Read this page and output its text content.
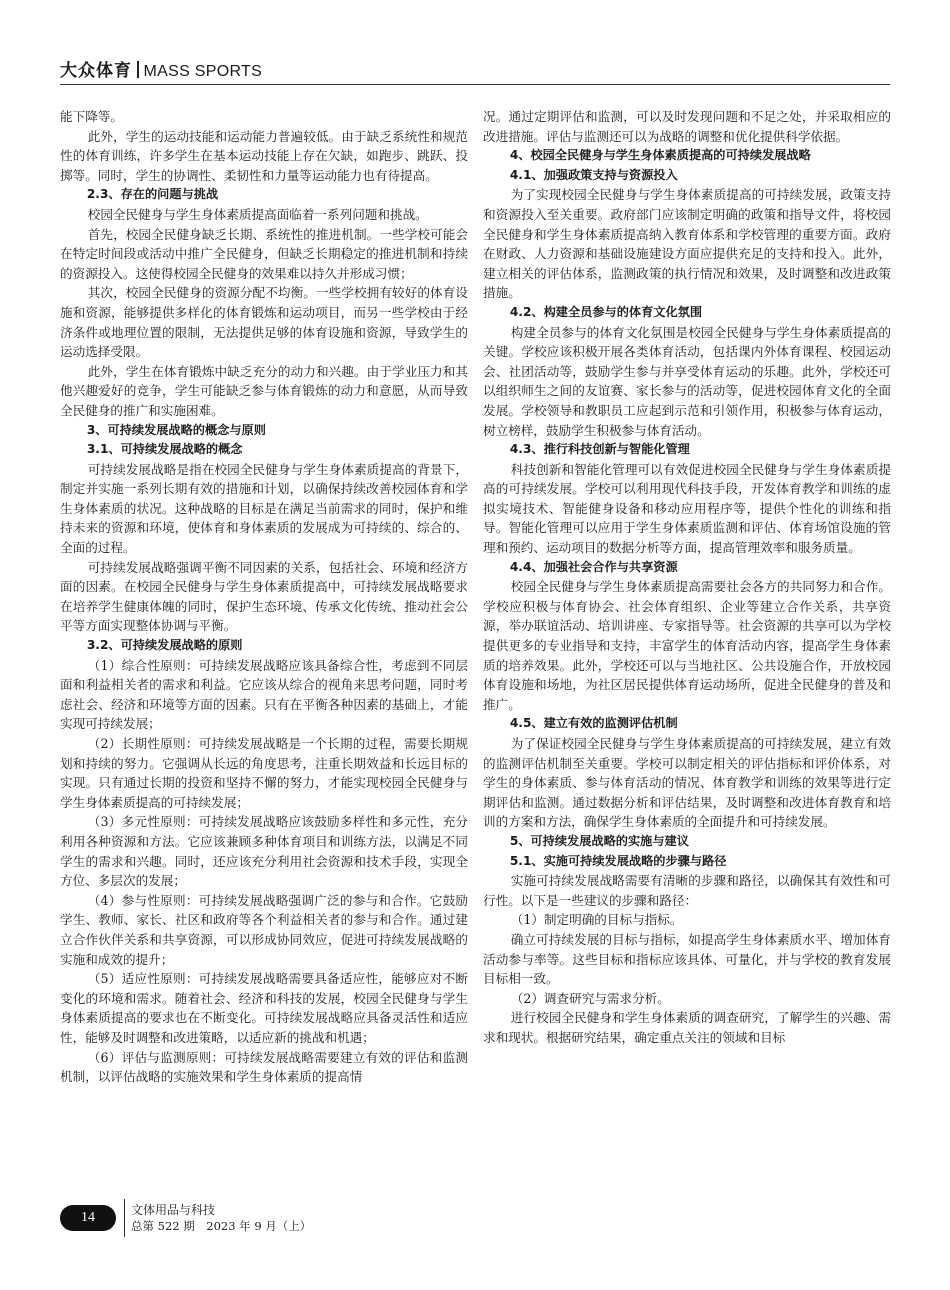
大众体育 MASS SPORTS

能下降等。

此外，学生的运动技能和运动能力普遍较低。由于缺乏系统性和规范性的体育训练，许多学生在基本运动技能上存在欠缺，如跑步、跳跃、投掷等。同时，学生的协调性、柔韧性和力量等运动能力也有待提高。

2.3、存在的问题与挑战

校园全民健身与学生身体素质提高面临着一系列问题和挑战。

首先，校园全民健身缺乏长期、系统性的推进机制。一些学校可能会在特定时间段或活动中推广全民健身，但缺乏长期稳定的推进机制和持续的资源投入。这使得校园全民健身的效果难以持久并形成习惯；

其次，校园全民健身的资源分配不均衡。一些学校拥有较好的体育设施和资源，能够提供多样化的体育锻炼和运动项目，而另一些学校由于经济条件或地理位置的限制，无法提供足够的体育设施和资源，导致学生的运动选择受限。

此外，学生在体育锻炼中缺乏充分的动力和兴趣。由于学业压力和其他兴趣爱好的竞争，学生可能缺乏参与体育锻炼的动力和意愿，从而导致全民健身的推广和实施困难。

3、可持续发展战略的概念与原则

3.1、可持续发展战略的概念

可持续发展战略是指在校园全民健身与学生身体素质提高的背景下，制定并实施一系列长期有效的措施和计划，以确保持续改善校园体育和学生身体素质的状况。这种战略的目标是在满足当前需求的同时，保护和维持未来的资源和环境，使体育和身体素质的发展成为可持续的、综合的、全面的过程。

可持续发展战略强调平衡不同因素的关系，包括社会、环境和经济方面的因素。在校园全民健身与学生身体素质提高中，可持续发展战略要求在培养学生健康体魄的同时，保护生态环境、传承文化传统、推动社会公平等方面实现整体协调与平衡。

3.2、可持续发展战略的原则

（1）综合性原则：可持续发展战略应该具备综合性，考虑到不同层面和利益相关者的需求和利益。它应该从综合的视角来思考问题，同时考虑社会、经济和环境等方面的因素。只有在平衡各种因素的基础上，才能实现可持续发展；

（2）长期性原则：可持续发展战略是一个长期的过程，需要长期规划和持续的努力。它强调从长远的角度思考，注重长期效益和长远目标的实现。只有通过长期的投资和坚持不懈的努力，才能实现校园全民健身与学生身体素质提高的可持续发展；

（3）多元性原则：可持续发展战略应该鼓励多样性和多元性，充分利用各种资源和方法。它应该兼顾多种体育项目和训练方法，以满足不同学生的需求和兴趣。同时，还应该充分利用社会资源和技术手段，实现全方位、多层次的发展；

（4）参与性原则：可持续发展战略强调广泛的参与和合作。它鼓励学生、教师、家长、社区和政府等各个利益相关者的参与和合作。通过建立合作伙伴关系和共享资源，可以形成协同效应，促进可持续发展战略的实施和成效的提升；

（5）适应性原则：可持续发展战略需要具备适应性，能够应对不断变化的环境和需求。随着社会、经济和科技的发展，校园全民健身与学生身体素质提高的要求也在不断变化。可持续发展战略应具备灵活性和适应性，能够及时调整和改进策略，以适应新的挑战和机遇；

（6）评估与监测原则：可持续发展战略需要建立有效的评估和监测机制，以评估战略的实施效果和学生身体素质的提高情

况。通过定期评估和监测，可以及时发现问题和不足之处，并采取相应的改进措施。评估与监测还可以为战略的调整和优化提供科学依据。

4、校园全民健身与学生身体素质提高的可持续发展战略

4.1、加强政策支持与资源投入

为了实现校园全民健身与学生身体素质提高的可持续发展，政策支持和资源投入至关重要。政府部门应该制定明确的政策和指导文件，将校园全民健身和学生身体素质提高纳入教育体系和学校管理的重要方面。政府在财政、人力资源和基础设施建设方面应提供充足的支持和投入。此外，建立相关的评估体系，监测政策的执行情况和效果，及时调整和改进政策措施。

4.2、构建全员参与的体育文化氛围

构建全员参与的体育文化氛围是校园全民健身与学生身体素质提高的关键。学校应该积极开展各类体育活动，包括课内外体育课程、校园运动会、社团活动等，鼓励学生参与并享受体育运动的乐趣。此外，学校还可以组织师生之间的友谊赛、家长参与的活动等，促进校园体育文化的全面发展。学校领导和教职员工应起到示范和引领作用，积极参与体育运动，树立榜样，鼓励学生积极参与体育活动。

4.3、推行科技创新与智能化管理

科技创新和智能化管理可以有效促进校园全民健身与学生身体素质提高的可持续发展。学校可以利用现代科技手段，开发体育教学和训练的虚拟实境技术、智能健身设备和移动应用程序等，提供个性化的训练和指导。智能化管理可以应用于学生身体素质监测和评估、体育场馆设施的管理和预约、运动项目的数据分析等方面，提高管理效率和服务质量。

4.4、加强社会合作与共享资源

校园全民健身与学生身体素质提高需要社会各方的共同努力和合作。学校应积极与体育协会、社会体育组织、企业等建立合作关系，共享资源，举办联谊活动、培训讲座、专家指导等。社会资源的共享可以为学校提供更多的专业指导和支持，丰富学生的体育活动内容，提高学生身体素质的培养效果。此外，学校还可以与当地社区、公共设施合作，开放校园体育设施和场地，为社区居民提供体育运动场所，促进全民健身的普及和推广。

4.5、建立有效的监测评估机制

为了保证校园全民健身与学生身体素质提高的可持续发展，建立有效的监测评估机制至关重要。学校可以制定相关的评估指标和评价体系，对学生的身体素质、参与体育活动的情况、体育教学和训练的效果等进行定期评估和监测。通过数据分析和评估结果，及时调整和改进体育教育和培训的方案和方法，确保学生身体素质的全面提升和可持续发展。

5、可持续发展战略的实施与建议

5.1、实施可持续发展战略的步骤与路径

实施可持续发展战略需要有清晰的步骤和路径，以确保其有效性和可行性。以下是一些建议的步骤和路径：

（1）制定明确的目标与指标。

确立可持续发展的目标与指标，如提高学生身体素质水平、增加体育活动参与率等。这些目标和指标应该具体、可量化，并与学校的教育发展目标相一致。

（2）调查研究与需求分析。

进行校园全民健身和学生身体素质的调查研究，了解学生的兴趣、需求和现状。根据研究结果，确定重点关注的领域和目标

14	文体用品与科技
总第 522 期　2023 年 9 月（上）
